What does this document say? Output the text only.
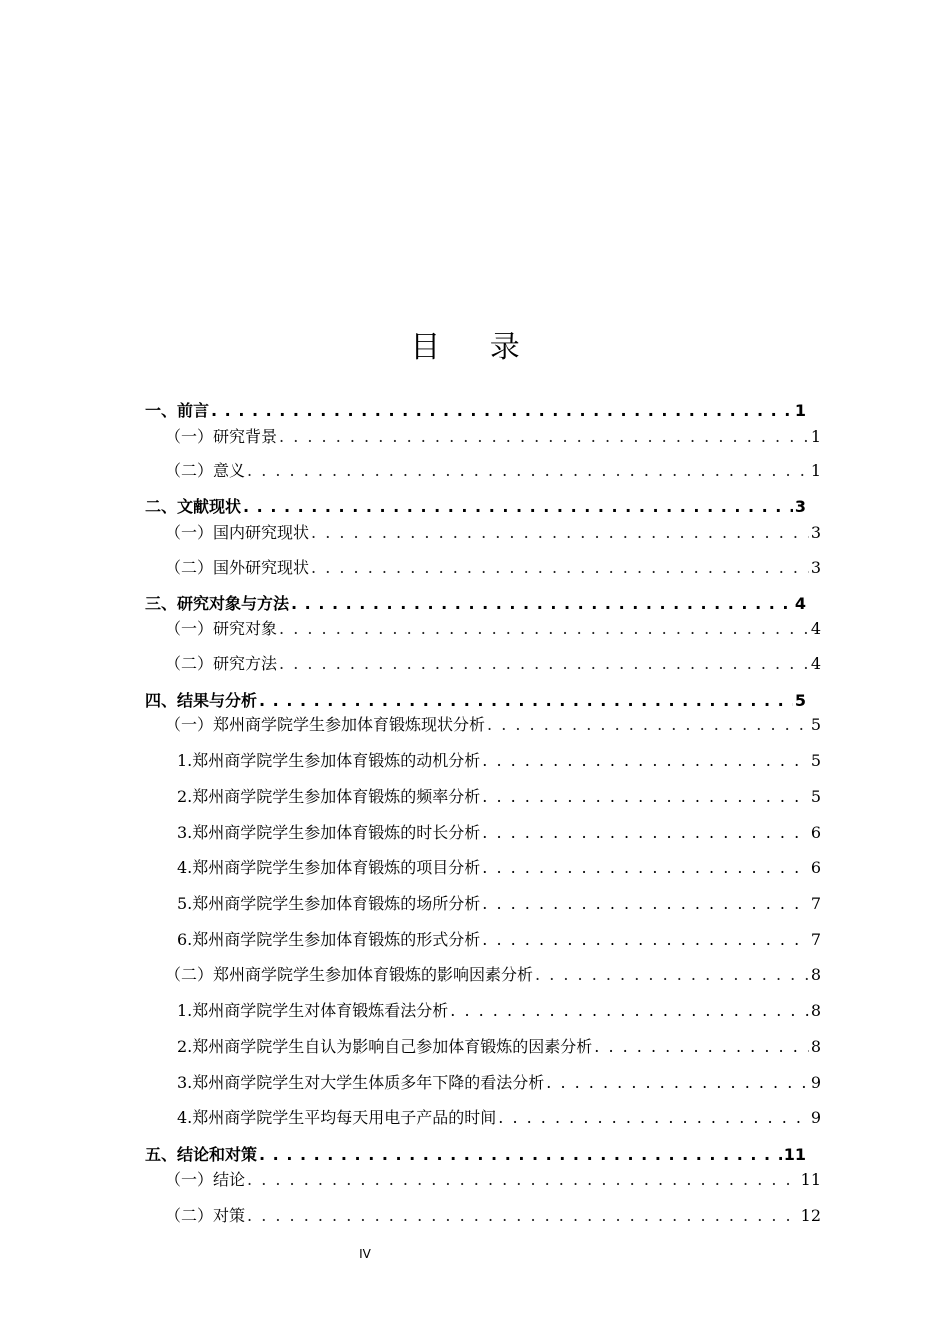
目 录
一、前言 . . .	1
（一）研究背景 . . .	1
（二）意义 . . .	1
二、文献现状 . . .	3
（一）国内研究现状 . . .	3
（二）国外研究现状 . . .	3
三、研究对象与方法 . . .	4
（一）研究对象 . . .	4
（二）研究方法 . . .	4
四、结果与分析 . . .	5
（一）郑州商学院学生参加体育锻炼现状分析 . . .	5
1.郑州商学院学生参加体育锻炼的动机分析 . . .	5
2.郑州商学院学生参加体育锻炼的频率分析 . . .	5
3.郑州商学院学生参加体育锻炼的时长分析 . . .	6
4.郑州商学院学生参加体育锻炼的项目分析 . . .	6
5.郑州商学院学生参加体育锻炼的场所分析 . . .	7
6.郑州商学院学生参加体育锻炼的形式分析 . . .	7
（二）郑州商学院学生参加体育锻炼的影响因素分析 . . .	8
1.郑州商学院学生对体育锻炼看法分析 . . .	8
2.郑州商学院学生自认为影响自己参加体育锻炼的因素分析 . . .	8
3.郑州商学院学生对大学生体质多年下降的看法分析 . . .	9
4.郑州商学院学生平均每天用电子产品的时间 . . .	9
五、结论和对策 . . .	11
（一）结论 . . .	11
（二）对策 . . .	12
IV
